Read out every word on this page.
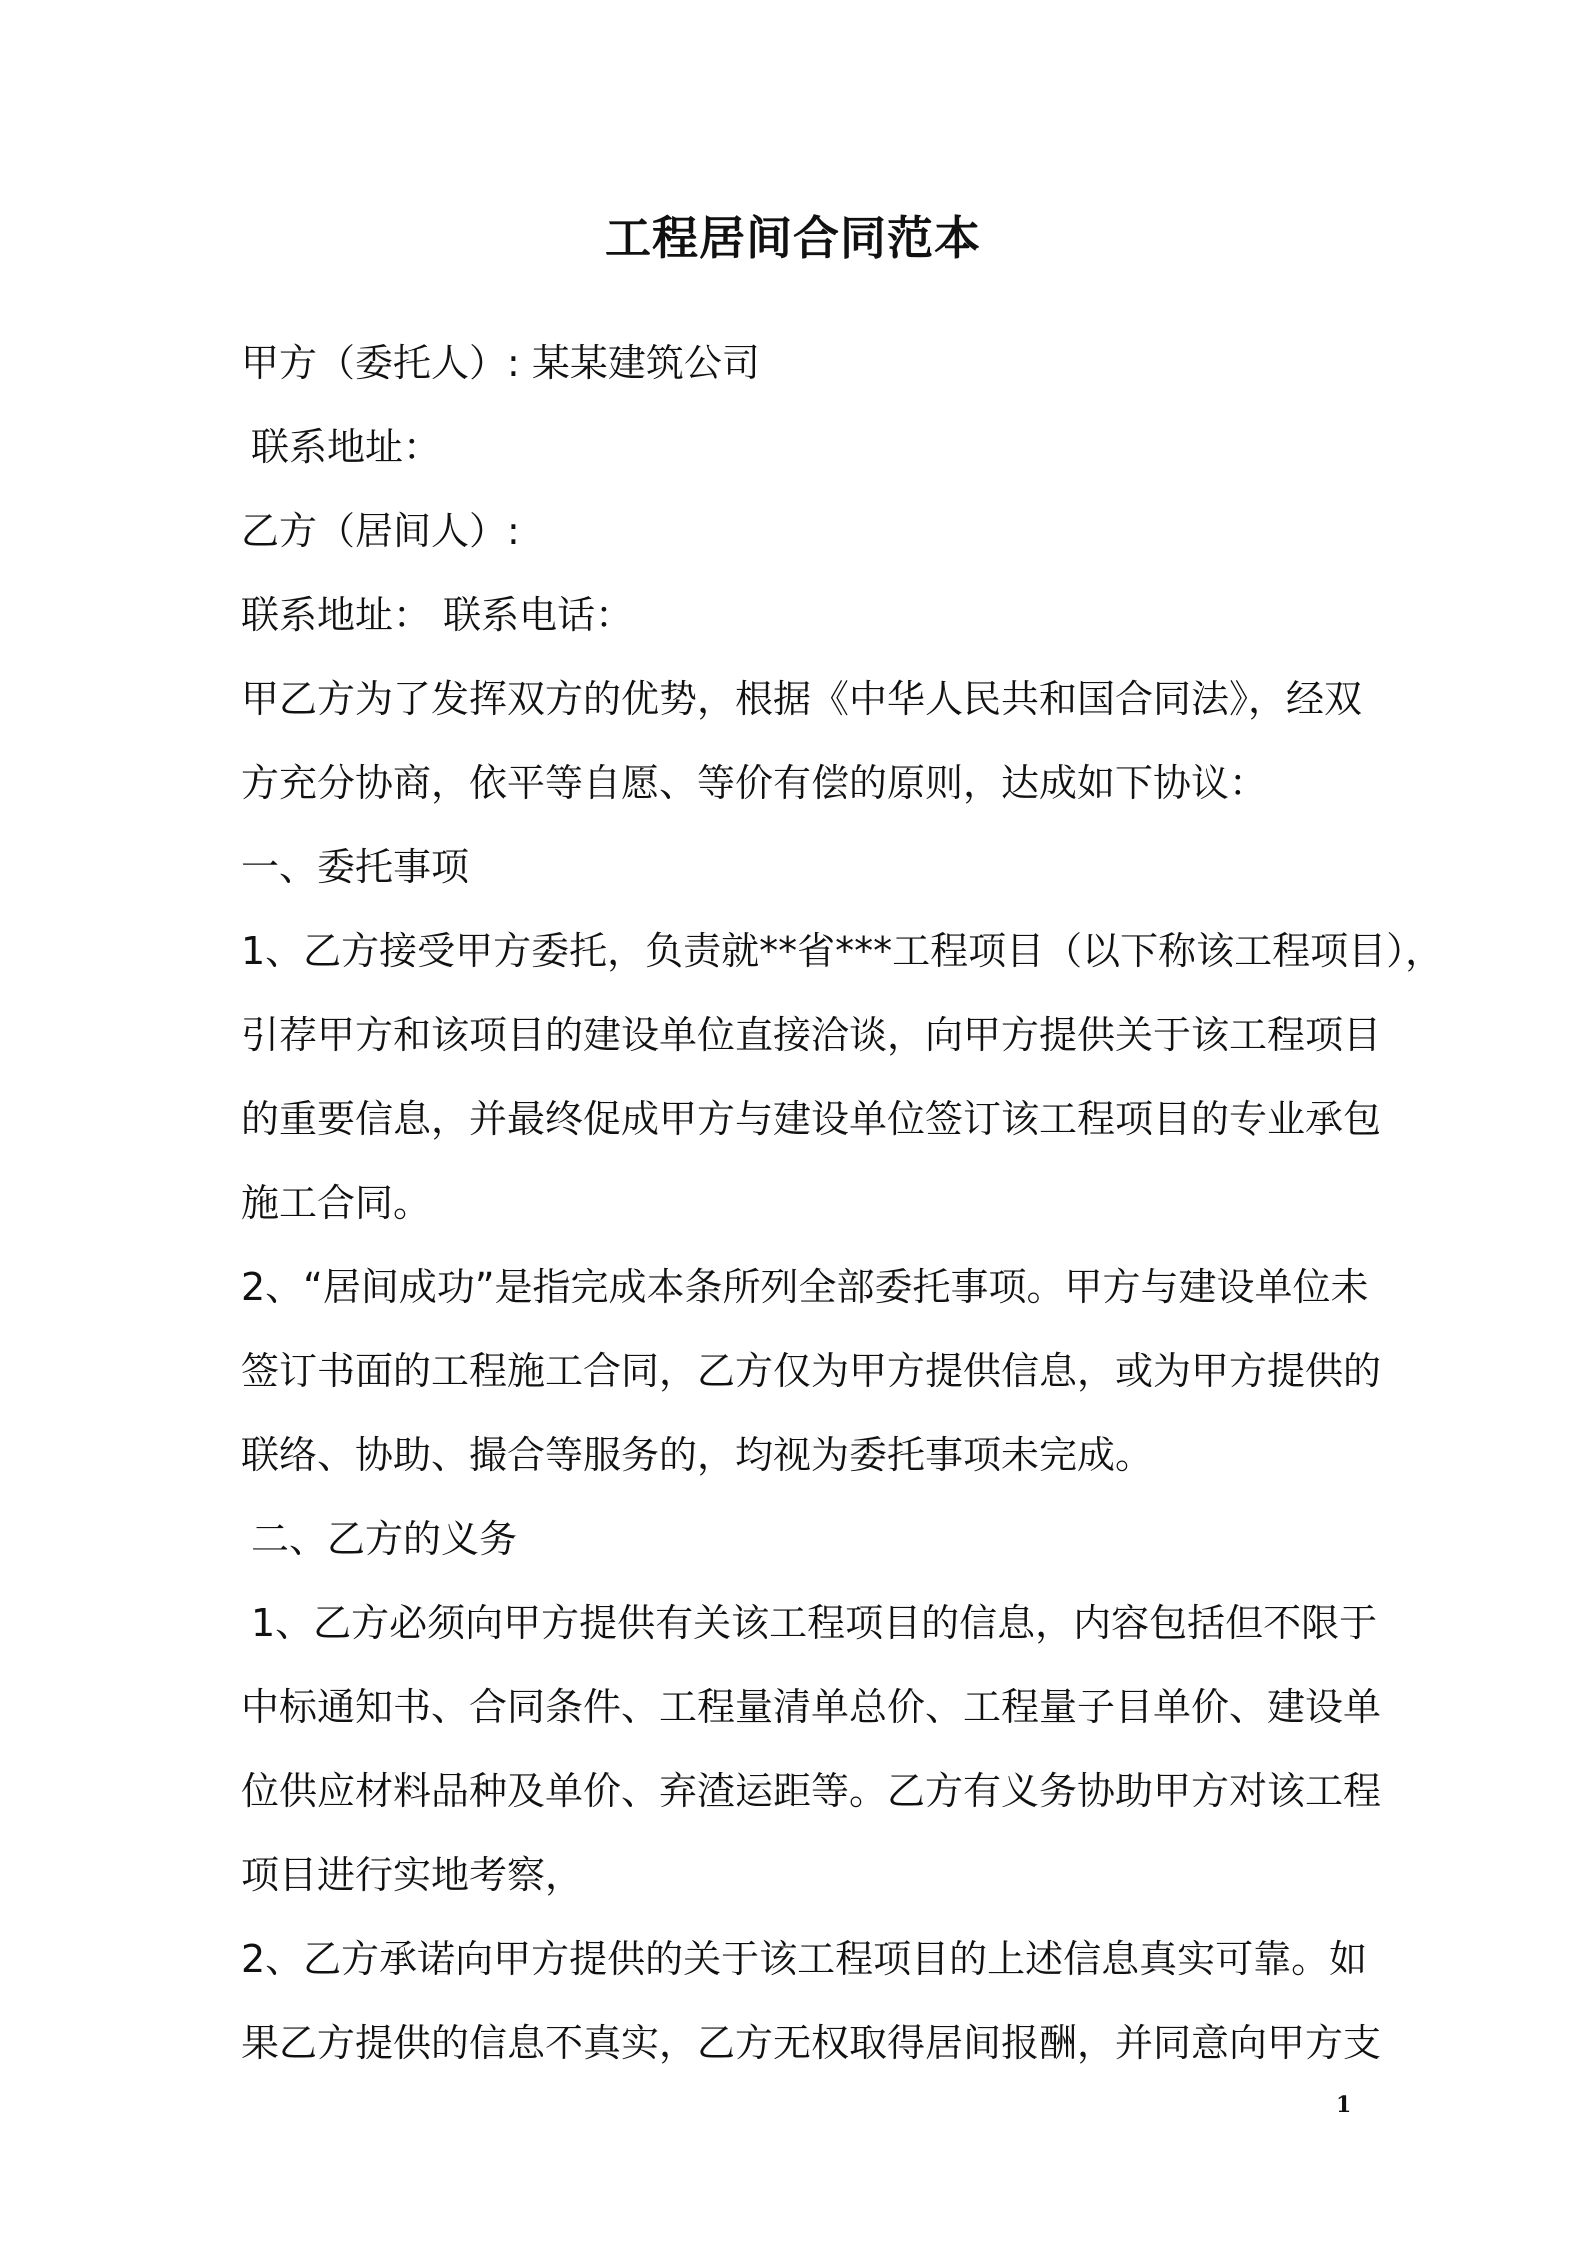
工程居间合同范本
甲方（委托人）: 某某建筑公司
联系地址：
乙方（居间人）:
联系地址： 联系电话：
甲乙方为了发挥双方的优势，根据《中华人民共和国合同法》，经双
方充分协商，依平等自愿、等价有偿的原则，达成如下协议：
一、委托事项
1、乙方接受甲方委托，负责就**省***工程项目（以下称该工程项目），
引荐甲方和该项目的建设单位直接洽谈，向甲方提供关于该工程项目
的重要信息，并最终促成甲方与建设单位签订该工程项目的专业承包
施工合同。
2、“居间成功”是指完成本条所列全部委托事项。甲方与建设单位未
签订书面的工程施工合同，乙方仅为甲方提供信息，或为甲方提供的
联络、协助、撮合等服务的，均视为委托事项未完成。
二、乙方的义务
1、乙方必须向甲方提供有关该工程项目的信息，内容包括但不限于
中标通知书、合同条件、工程量清单总价、工程量子目单价、建设单
位供应材料品种及单价、弃渣运距等。乙方有义务协助甲方对该工程
项目进行实地考察，
2、乙方承诺向甲方提供的关于该工程项目的上述信息真实可靠。如
果乙方提供的信息不真实，乙方无权取得居间报酬，并同意向甲方支
1
